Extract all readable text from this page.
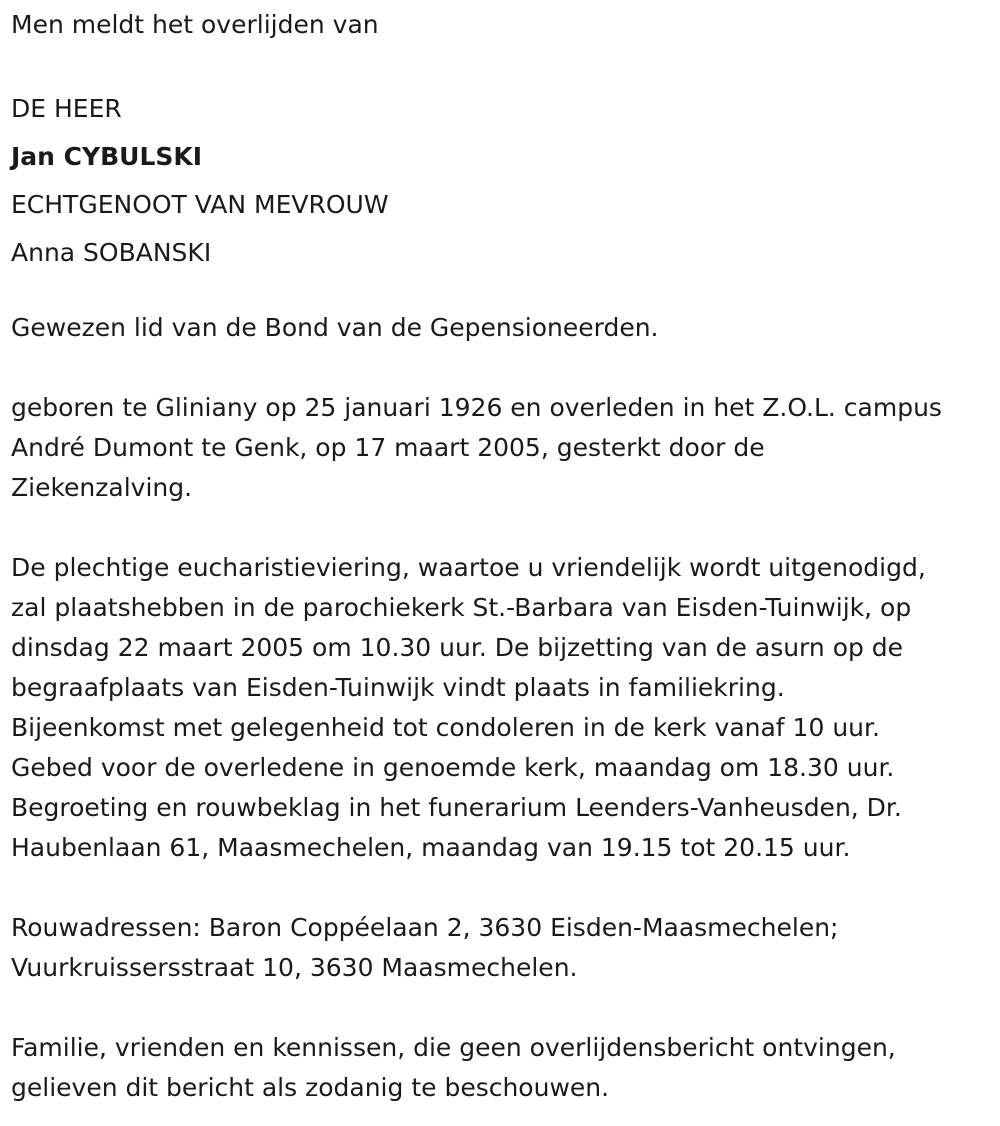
Men meldt het overlijden van
DE HEER
Jan CYBULSKI
ECHTGENOOT VAN MEVROUW
Anna SOBANSKI
Gewezen lid van de Bond van de Gepensioneerden.
geboren te Gliniany op 25 januari 1926 en overleden in het Z.O.L. campus
André Dumont te Genk, op 17 maart 2005, gesterkt door de
Ziekenzalving.
De plechtige eucharistieviering, waartoe u vriendelijk wordt uitgenodigd,
zal plaatshebben in de parochiekerk St.-Barbara van Eisden-Tuinwijk, op
dinsdag 22 maart 2005 om 10.30 uur. De bijzetting van de asurn op de
begraafplaats van Eisden-Tuinwijk vindt plaats in familiekring.
Bijeenkomst met gelegenheid tot condoleren in de kerk vanaf 10 uur.
Gebed voor de overledene in genoemde kerk, maandag om 18.30 uur.
Begroeting en rouwbeklag in het funerarium Leenders-Vanheusden, Dr.
Haubenlaan 61, Maasmechelen, maandag van 19.15 tot 20.15 uur.
Rouwadressen: Baron Coppéelaan 2, 3630 Eisden-Maasmechelen;
Vuurkruissersstraat 10, 3630 Maasmechelen.
Familie, vrienden en kennissen, die geen overlijdensbericht ontvingen,
gelieven dit bericht als zodanig te beschouwen.
